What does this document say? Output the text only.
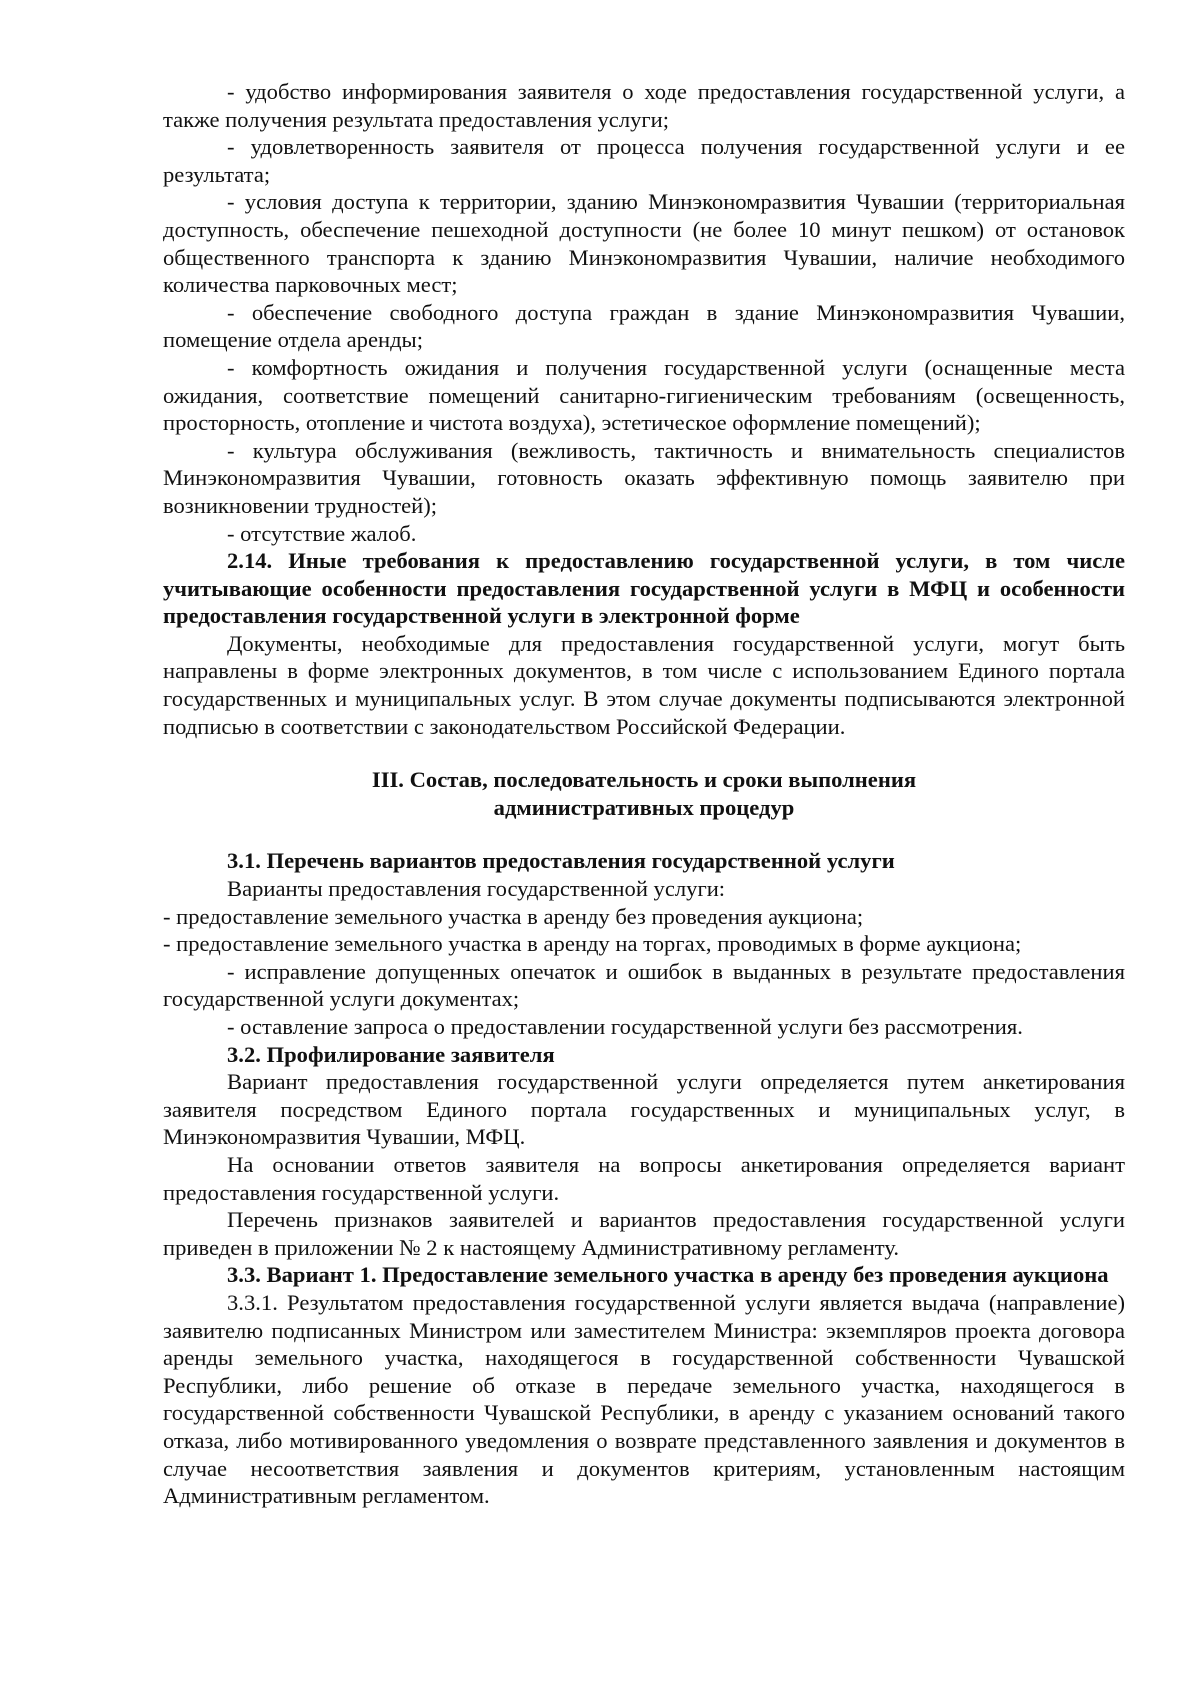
- удобство информирования заявителя о ходе предоставления государственной услуги, а также получения результата предоставления услуги;

- удовлетворенность заявителя от процесса получения государственной услуги и ее результата;

- условия доступа к территории, зданию Минэкономразвития Чувашии (территориальная доступность, обеспечение пешеходной доступности (не более 10 минут пешком) от остановок общественного транспорта к зданию Минэкономразвития Чувашии, наличие необходимого количества парковочных мест;

- обеспечение свободного доступа граждан в здание Минэкономразвития Чувашии, помещение отдела аренды;

- комфортность ожидания и получения государственной услуги (оснащенные места ожидания, соответствие помещений санитарно-гигиеническим требованиям (освещенность, просторность, отопление и чистота воздуха), эстетическое оформление помещений);

- культура обслуживания (вежливость, тактичность и внимательность специалистов Минэкономразвития Чувашии, готовность оказать эффективную помощь заявителю при возникновении трудностей);

- отсутствие жалоб.

2.14. Иные требования к предоставлению государственной услуги, в том числе учитывающие особенности предоставления государственной услуги в МФЦ и особенности предоставления государственной услуги в электронной форме

Документы, необходимые для предоставления государственной услуги, могут быть направлены в форме электронных документов, в том числе с использованием Единого портала государственных и муниципальных услуг. В этом случае документы подписываются электронной подписью в соответствии с законодательством Российской Федерации.

III. Состав, последовательность и сроки выполнения
административных процедур

3.1. Перечень вариантов предоставления государственной услуги

Варианты предоставления государственной услуги:

- предоставление земельного участка в аренду без проведения аукциона;

- предоставление земельного участка в аренду на торгах, проводимых в форме аукциона;

- исправление допущенных опечаток и ошибок в выданных в результате предоставления государственной услуги документах;

- оставление запроса о предоставлении государственной услуги без рассмотрения.

3.2. Профилирование заявителя

Вариант предоставления государственной услуги определяется путем анкетирования заявителя посредством Единого портала государственных и муниципальных услуг, в Минэкономразвития Чувашии, МФЦ.

На основании ответов заявителя на вопросы анкетирования определяется вариант предоставления государственной услуги.

Перечень признаков заявителей и вариантов предоставления государственной услуги приведен в приложении № 2 к настоящему Административному регламенту.

3.3. Вариант 1. Предоставление земельного участка в аренду без проведения аукциона

3.3.1. Результатом предоставления государственной услуги является выдача (направление) заявителю подписанных Министром или заместителем Министра: экземпляров проекта договора аренды земельного участка, находящегося в государственной собственности Чувашской Республики, либо решение об отказе в передаче земельного участка, находящегося в государственной собственности Чувашской Республики, в аренду с указанием оснований такого отказа, либо мотивированного уведомления о возврате представленного заявления и документов в случае несоответствия заявления и документов критериям, установленным настоящим Административным регламентом.
